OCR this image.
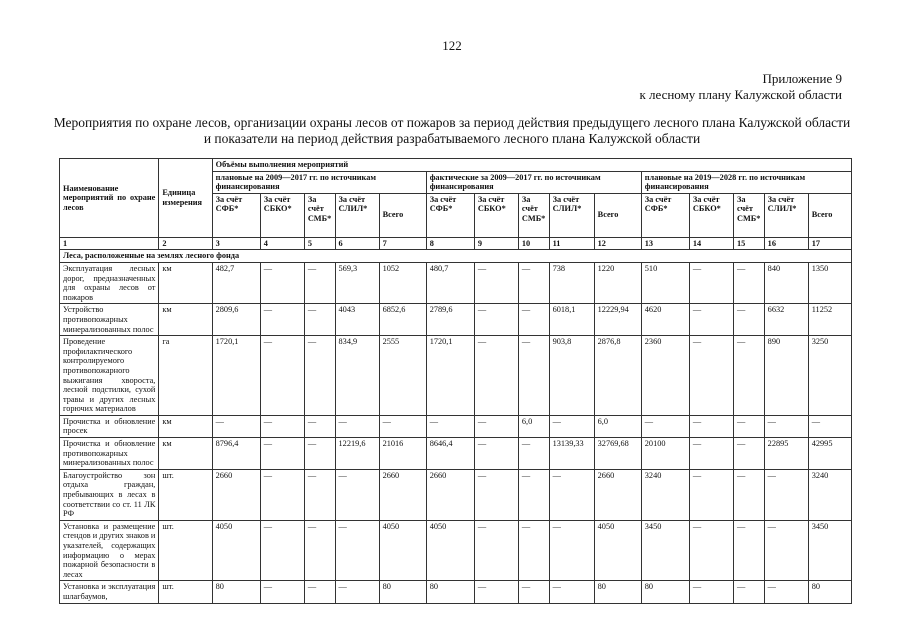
122
Приложение 9
к лесному плану Калужской области
Мероприятия по охране лесов, организации охраны лесов от пожаров за период действия предыдущего лесного плана Калужской области
и показатели на период действия разрабатываемого лесного плана Калужской области
Наименование мероприятий по охране лесов	Единица измерения	Объёмы выполнения мероприятий														
		плановые на 2009—2017 гг. по источникам финансирования					фактические за 2009—2017 гг. по источникам финансирования					плановые на 2019—2028 гг. по источникам финансирования				
		За счёт СФБ*	За счёт СБКО*	За счёт СМБ*	За счёт СЛИЛ*	Всего	За счёт СФБ*	За счёт СБКО*	За счёт СМБ*	За счёт СЛИЛ*	Всего	За счёт СФБ*	За счёт СБКО*	За счёт СМБ*	За счёт СЛИЛ*	Всего
1	2	3	4	5	6	7	8	9	10	11	12	13	14	15	16	17
Леса, расположенные на землях лесного фонда																
Эксплуатация лесных дорог, предназначенных для охраны лесов от пожаров	км	482,7	—	—	569,3	1052	480,7	—	—	738	1220	510	—	—	840	1350
Устройство противопожарных минерализованных полос	км	2809,6	—	—	4043	6852,6	2789,6	—	—	6018,1	12229,94	4620	—	—	6632	11252
Проведение профилактического контролируемого противопожарного выжигания хвороста, лесной подстилки, сухой травы и других лесных горючих материалов	га	1720,1	—	—	834,9	2555	1720,1	—	—	903,8	2876,8	2360	—	—	890	3250
Прочистка и обновление просек	км	—	—	—	—	—	—	—	6,0	—	6,0	—	—	—	—	—
Прочистка и обновление противопожарных минерализованных полос	км	8796,4	—	—	12219,6	21016	8646,4	—	—	13139,33	32769,68	20100	—	—	22895	42995
Благоустройство зон отдыха граждан, пребывающих в лесах в соответствии со ст. 11 ЛК РФ	шт.	2660	—	—	—	2660	2660	—	—	—	2660	3240	—	—	—	3240
Установка и размещение стендов и других знаков и указателей, содержащих информацию о мерах пожарной безопасности в лесах	шт.	4050	—	—	—	4050	4050	—	—	—	4050	3450	—	—	—	3450
Установка и эксплуатация шлагбаумов,	шт.	80	—	—	—	80	80	—	—	—	80	80	—	—	—	80
